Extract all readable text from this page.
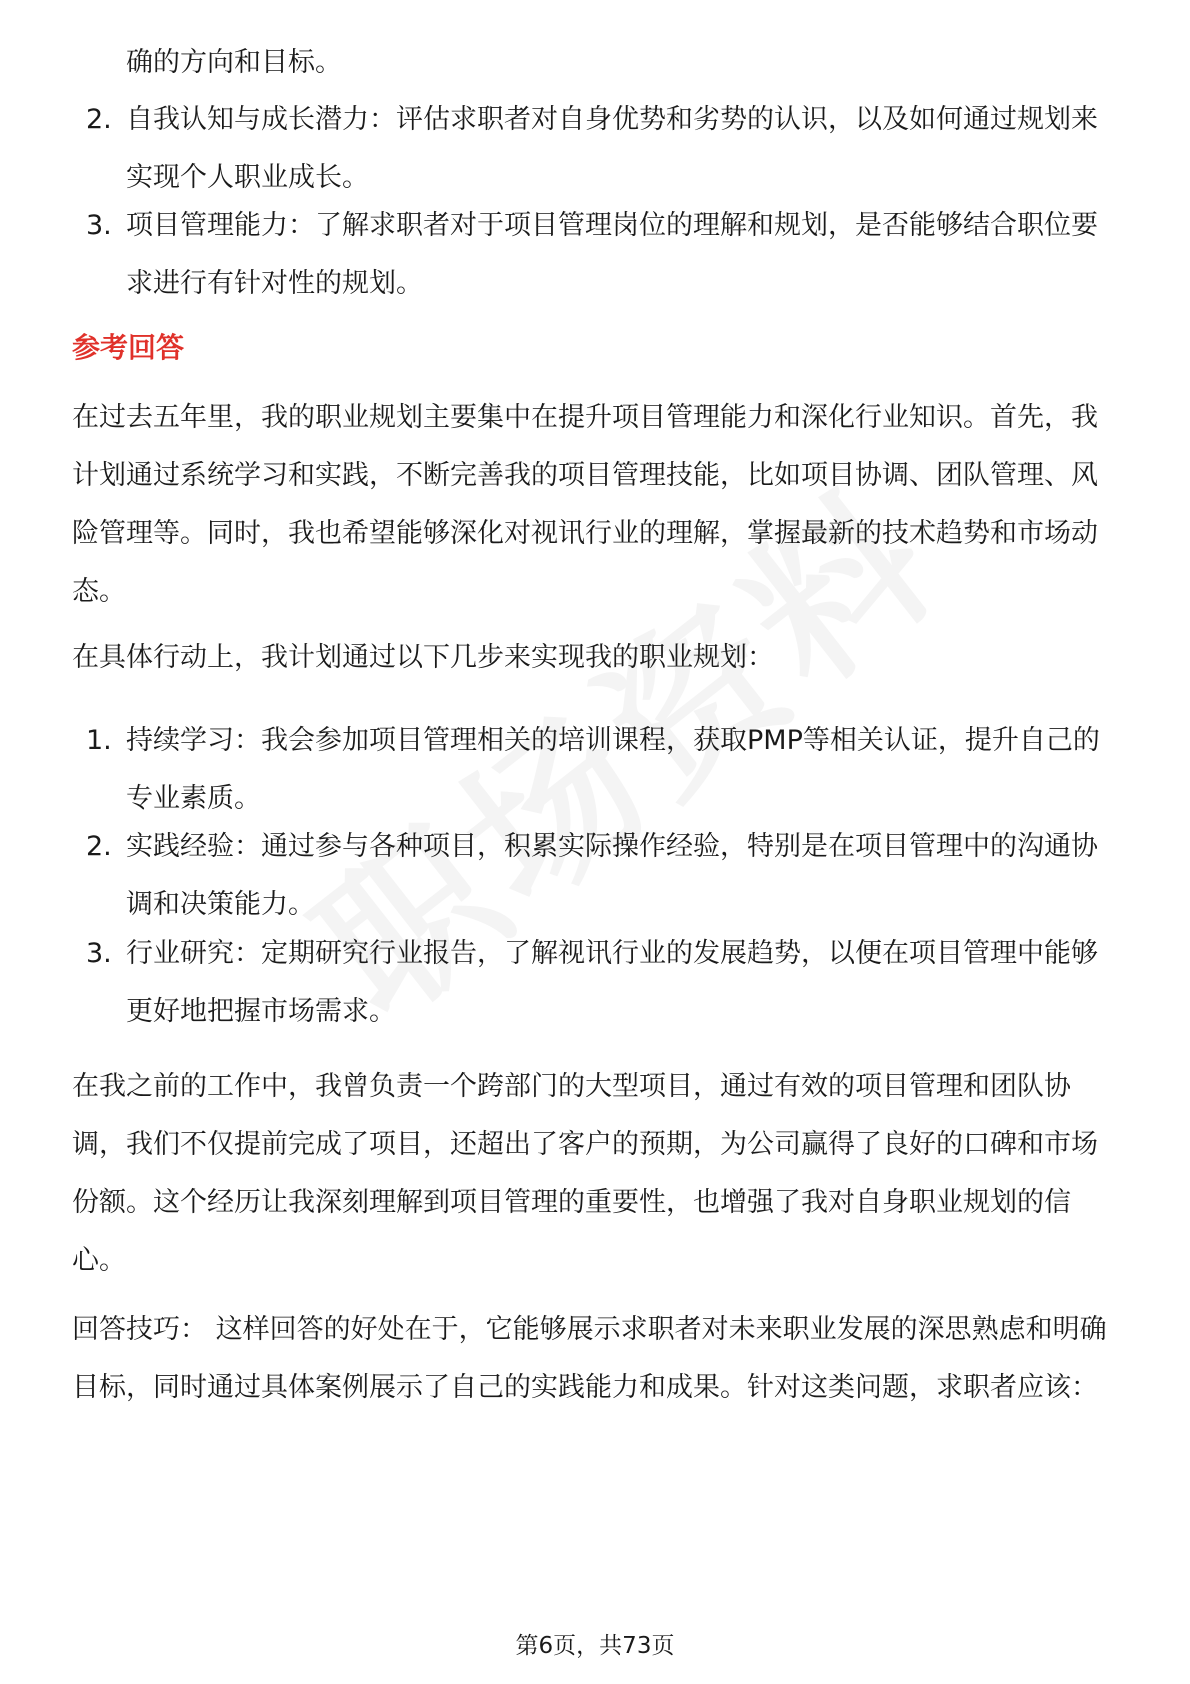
确的方向和目标。

2. 自我认知与成长潜力：评估求职者对自身优势和劣势的认识，以及如何通过规划来实现个人职业成长。
3. 项目管理能力：了解求职者对于项目管理岗位的理解和规划，是否能够结合职位要求进行有针对性的规划。
参考回答

在过去五年里，我的职业规划主要集中在提升项目管理能力和深化行业知识。首先，我计划通过系统学习和实践，不断完善我的项目管理技能，比如项目协调、团队管理、风险管理等。同时，我也希望能够深化对视讯行业的理解，掌握最新的技术趋势和市场动态。

在具体行动上，我计划通过以下几步来实现我的职业规划：

1. 持续学习：我会参加项目管理相关的培训课程，获取PMP等相关认证，提升自己的专业素质。
2. 实践经验：通过参与各种项目，积累实际操作经验，特别是在项目管理中的沟通协调和决策能力。
3. 行业研究：定期研究行业报告，了解视讯行业的发展趋势，以便在项目管理中能够更好地把握市场需求。

在我之前的工作中，我曾负责一个跨部门的大型项目，通过有效的项目管理和团队协调，我们不仅提前完成了项目，还超出了客户的预期，为公司赢得了良好的口碑和市场份额。这个经历让我深刻理解到项目管理的重要性，也增强了我对自身职业规划的信心。

回答技巧： 这样回答的好处在于，它能够展示求职者对未来职业发展的深思熟虑和明确目标，同时通过具体案例展示了自己的实践能力和成果。针对这类问题，求职者应该：

第6页，共73页
